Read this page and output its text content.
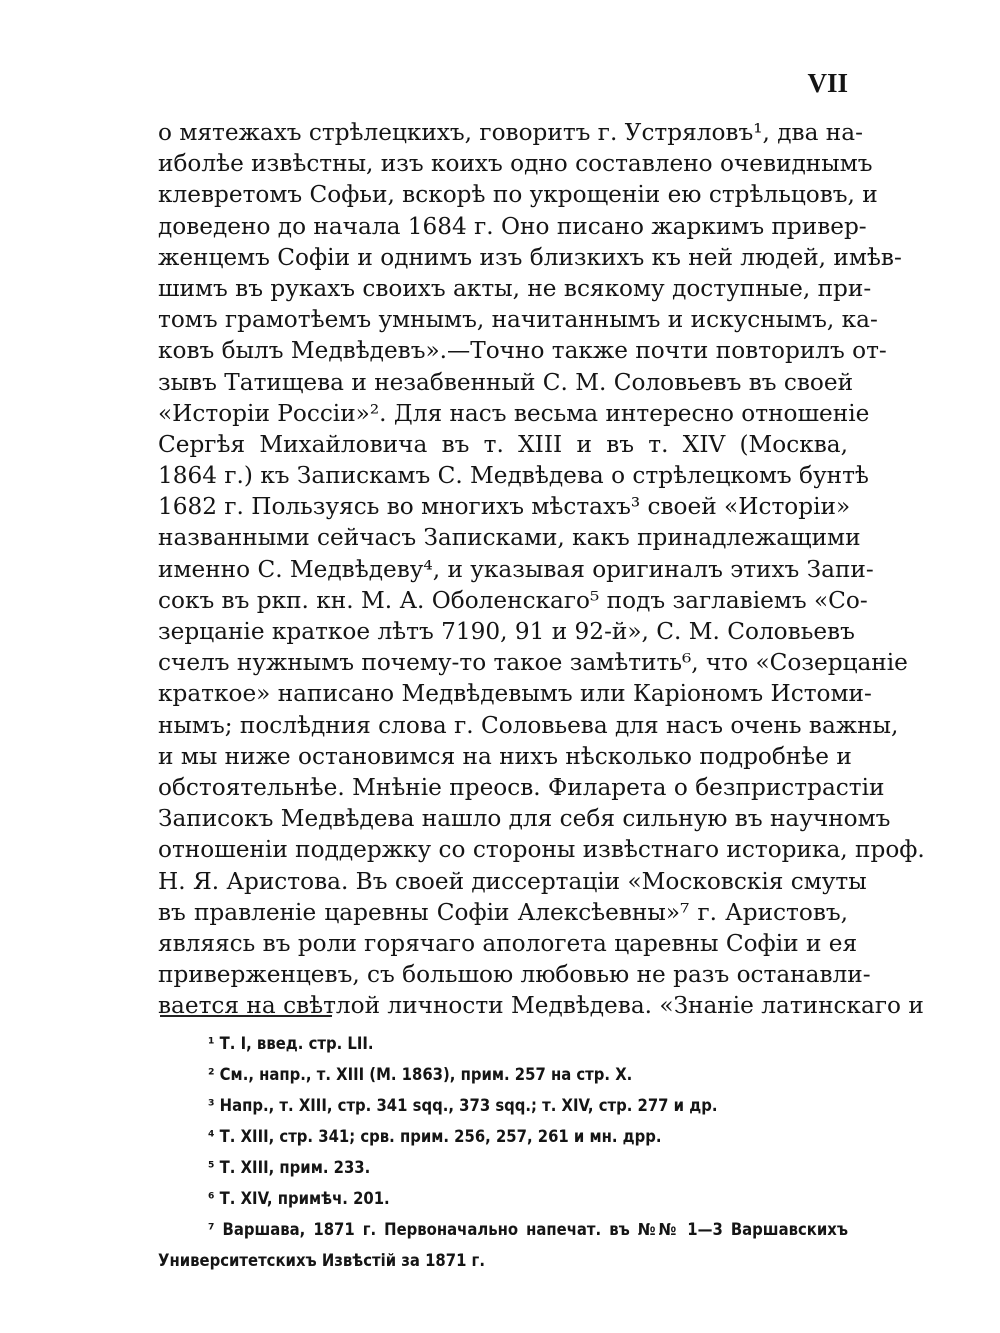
VII
о мятежахъ стрѣлецкихъ, говоритъ г. Устряловъ¹, два на-
иболѣе извѣстны, изъ коихъ одно составлено очевиднымъ
клевретомъ Софьи, вскорѣ по укрощеніи ею стрѣльцовъ, и
доведено до начала 1684 г. Оно писано жаркимъ привер-
женцемъ Софіи и однимъ изъ близкихъ къ ней людей, имѣв-
шимъ въ рукахъ своихъ акты, не всякому доступные, при-
томъ грамотѣемъ умнымъ, начитаннымъ и искуснымъ, ка-
ковъ былъ Медвѣдевъ».—Точно также почти повторилъ от-
зывъ Татищева и незабвенный С. М. Соловьевъ въ своей
«Исторіи Россіи»². Для насъ весьма интересно отношеніе
Сергѣя Михайловича въ т. XIII и въ т. XIV (Москва,
1864 г.) къ Запискамъ С. Медвѣдева о стрѣлецкомъ бунтѣ
1682 г. Пользуясь во многихъ мѣстахъ³ своей «Исторіи»
названными сейчасъ Записками, какъ принадлежащими
именно С. Медвѣдеву⁴, и указывая оригиналъ этихъ Запи-
сокъ въ ркп. кн. М. А. Оболенскаго⁵ подъ заглавіемъ «Со-
зерцаніе краткое лѣтъ 7190, 91 и 92-й», С. М. Соловьевъ
счелъ нужнымъ почему-то такое замѣтить⁶, что «Созерцаніе
краткое» написано Медвѣдевымъ или Каріономъ Истоми-
нымъ; послѣдния слова г. Соловьева для насъ очень важны,
и мы ниже остановимся на нихъ нѣсколько подробнѣе и
обстоятельнѣе. Мнѣніе преосв. Филарета о безпристрастіи
Записокъ Медвѣдева нашло для себя сильную въ научномъ
отношеніи поддержку со стороны извѣстнаго историка, проф.
Н. Я. Аристова. Въ своей диссертаціи «Московскія смуты
въ правленіе царевны Софіи Алексѣевны»⁷ г. Аристовъ,
являясь въ роли горячаго апологета царевны Софіи и ея
приверженцевъ, съ большою любовью не разъ останавли-
вается на свѣтлой личности Медвѣдева. «Знаніе латинскаго и
¹ Т. I, введ. стр. LII.
² См., напр., т. XIII (М. 1863), прим. 257 на стр. X.
³ Напр., т. XIII, стр. 341 sqq., 373 sqq.; т. XIV, стр. 277 и др.
⁴ Т. XIII, стр. 341; срв. прим. 256, 257, 261 и мн. дрр.
⁵ Т. XIII, прим. 233.
⁶ Т. XIV, примѣч. 201.
⁷ Варшава, 1871 г. Первоначально напечат. въ №№ 1—3 Варшавскихъ
Университетскихъ Извѣстій за 1871 г.
